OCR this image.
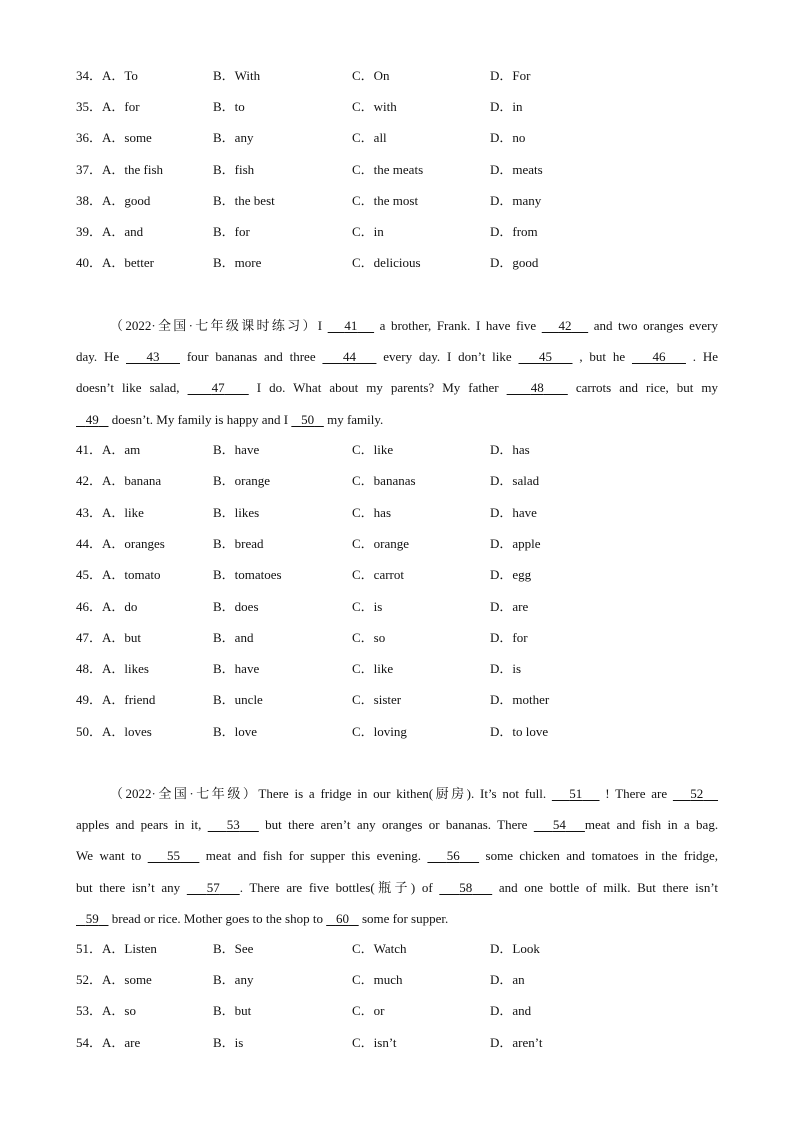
34．A．To	B．With	C．On	D．For
35．A．for	B．to	C．with	D．in
36．A．some	B．any	C．all	D．no
37．A．the fish	B．fish	C．the meats	D．meats
38．A．good	B．the best	C．the most	D．many
39．A．and	B．for	C．in	D．from
40．A．better	B．more	C．delicious	D．good
（2022·全国·七年级课时练习）I 41 a brother, Frank. I have five 42 and two oranges every
day. He 43 four bananas and three 44 every day. I don’t like 45 , but he 46 . He
doesn’t like salad, 47 I do. What about my parents? My father 48 carrots and rice, but my
49 doesn’t. My family is happy and I 50 my family.
41．A．am	B．have	C．like	D．has
42．A．banana	B．orange	C．bananas	D．salad
43．A．like	B．likes	C．has	D．have
44．A．oranges	B．bread	C．orange	D．apple
45．A．tomato	B．tomatoes	C．carrot	D．egg
46．A．do	B．does	C．is	D．are
47．A．but	B．and	C．so	D．for
48．A．likes	B．have	C．like	D．is
49．A．friend	B．uncle	C．sister	D．mother
50．A．loves	B．love	C．loving	D．to love
（2022·全国·七年级）There is a fridge in our kithen(厨房). It’s not full. 51 ! There are 52
apples and pears in it, 53 but there aren’t any oranges or bananas. There 54 meat and fish in a bag.
We want to 55 meat and fish for supper this evening. 56 some chicken and tomatoes in the fridge,
but there isn’t any 57 . There are five bottles(瓶子) of 58 and one bottle of milk. But there isn’t
59 bread or rice. Mother goes to the shop to 60 some for supper.
51．A．Listen	B．See	C．Watch	D．Look
52．A．some	B．any	C．much	D．an
53．A．so	B．but	C．or	D．and
54．A．are	B．is	C．isn’t	D．aren’t
